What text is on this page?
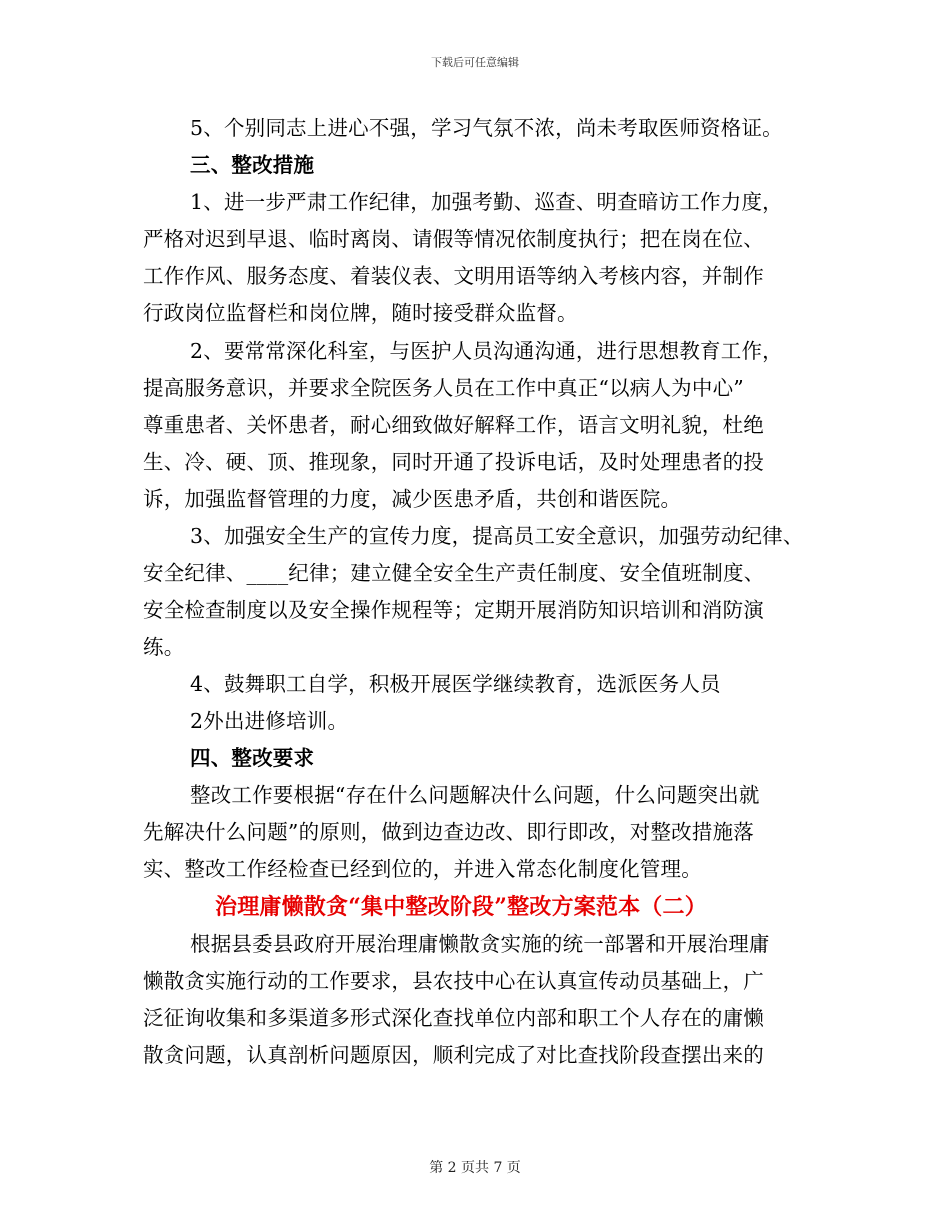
下载后可任意编辑
5、个别同志上进心不强，学习气氛不浓，尚未考取医师资格证。
三、整改措施
1、进一步严肃工作纪律，加强考勤、巡查、明查暗访工作力度，
严格对迟到早退、临时离岗、请假等情况依制度执行；把在岗在位、
工作作风、服务态度、着装仪表、文明用语等纳入考核内容，并制作
行政岗位监督栏和岗位牌，随时接受群众监督。
2、要常常深化科室，与医护人员沟通沟通，进行思想教育工作，
提高服务意识，并要求全院医务人员在工作中真正“以病人为中心”
尊重患者、关怀患者，耐心细致做好解释工作，语言文明礼貌，杜绝
生、冷、硬、顶、推现象，同时开通了投诉电话，及时处理患者的投
诉，加强监督管理的力度，减少医患矛盾，共创和谐医院。
3、加强安全生产的宣传力度，提高员工安全意识，加强劳动纪律、
安全纪律、____纪律；建立健全安全生产责任制度、安全值班制度、
安全检查制度以及安全操作规程等；定期开展消防知识培训和消防演
练。
4、鼓舞职工自学，积极开展医学继续教育，选派医务人员
2外出进修培训。
四、整改要求
整改工作要根据“存在什么问题解决什么问题，什么问题突出就
先解决什么问题”的原则，做到边查边改、即行即改，对整改措施落
实、整改工作经检查已经到位的，并进入常态化制度化管理。
治理庸懒散贪“集中整改阶段”整改方案范本（二）
根据县委县政府开展治理庸懒散贪实施的统一部署和开展治理庸
懒散贪实施行动的工作要求，县农技中心在认真宣传动员基础上，广
泛征询收集和多渠道多形式深化查找单位内部和职工个人存在的庸懒
散贪问题，认真剖析问题原因，顺利完成了对比查找阶段查摆出来的
第 2 页共 7 页
